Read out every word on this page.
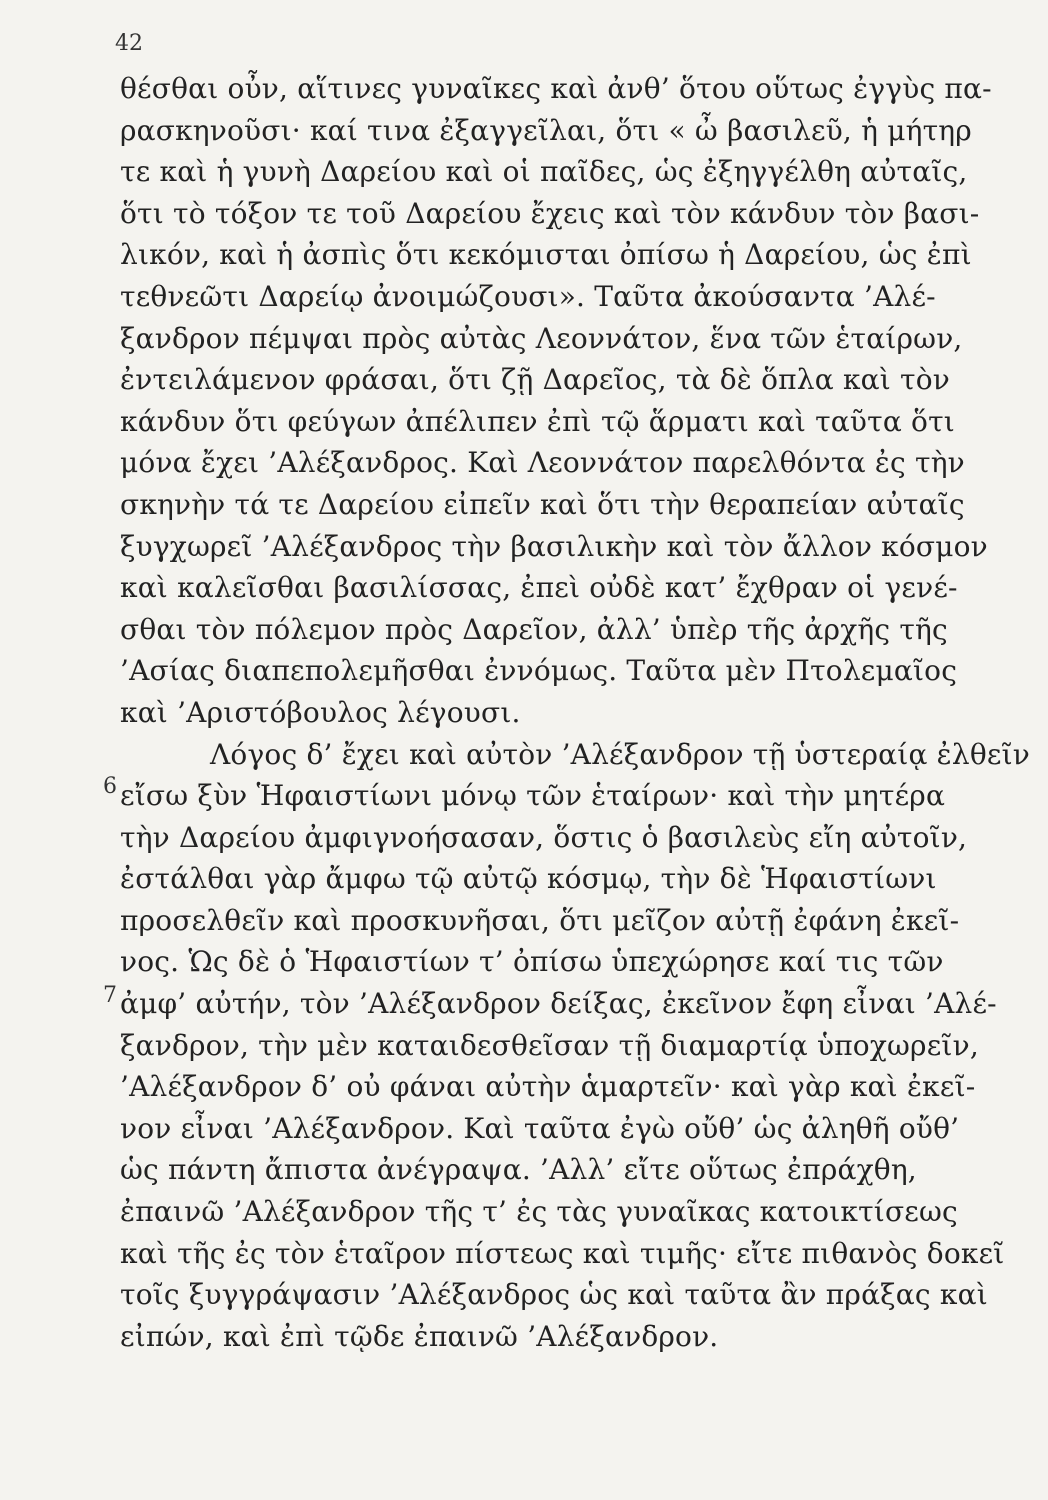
42
6
7
θέσθαι οὖν, αἵτινες γυναῖκες καὶ ἀνθ’ ὅτου οὕτως ἐγγὺς πα-
ρασκηνοῦσι· καί τινα ἐξαγγεῖλαι, ὅτι « ὦ βασιλεῦ, ἡ μήτηρ
τε καὶ ἡ γυνὴ Δαρείου καὶ οἱ παῖδες, ὡς ἐξηγγέλθη αὐταῖς,
ὅτι τὸ τόξον τε τοῦ Δαρείου ἔχεις καὶ τὸν κάνδυν τὸν βασι-
λικόν, καὶ ἡ ἀσπὶς ὅτι κεκόμισται ὀπίσω ἡ Δαρείου, ὡς ἐπὶ
τεθνεῶτι Δαρείῳ ἀνοιμώζουσι». Ταῦτα ἀκούσαντα ’Αλέ-
ξανδρον πέμψαι πρὸς αὐτὰς Λεοννάτον, ἕνα τῶν ἑταίρων,
ἐντειλάμενον φράσαι, ὅτι ζῇ Δαρεῖος, τὰ δὲ ὅπλα καὶ τὸν
κάνδυν ὅτι φεύγων ἀπέλιπεν ἐπὶ τῷ ἅρματι καὶ ταῦτα ὅτι
μόνα ἔχει ’Αλέξανδρος. Καὶ Λεοννάτον παρελθόντα ἐς τὴν
σκηνὴν τά τε Δαρείου εἰπεῖν καὶ ὅτι τὴν θεραπείαν αὐταῖς
ξυγχωρεῖ ’Αλέξανδρος τὴν βασιλικὴν καὶ τὸν ἄλλον κόσμον
καὶ καλεῖσθαι βασιλίσσας, ἐπεὶ οὐδὲ κατ’ ἔχθραν οἱ γενέ-
σθαι τὸν πόλεμον πρὸς Δαρεῖον, ἀλλ’ ὑπὲρ τῆς ἀρχῆς τῆς
’Ασίας διαπεπολεμῆσθαι ἐννόμως. Ταῦτα μὲν Πτολεμαῖος
καὶ ’Αριστόβουλος λέγουσι.
Λόγος δ’ ἔχει καὶ αὐτὸν ’Αλέξανδρον τῇ ὑστεραίᾳ ἐλθεῖν
εἴσω ξὺν Ἡφαιστίωνι μόνῳ τῶν ἑταίρων· καὶ τὴν μητέρα
τὴν Δαρείου ἀμφιγνοήσασαν, ὅστις ὁ βασιλεὺς εἴη αὐτοῖν,
ἐστάλθαι γὰρ ἄμφω τῷ αὐτῷ κόσμῳ, τὴν δὲ Ἡφαιστίωνι
προσελθεῖν καὶ προσκυνῆσαι, ὅτι μεῖζον αὐτῇ ἐφάνη ἐκεῖ-
νος. Ὡς δὲ ὁ Ἡφαιστίων τ’ ὀπίσω ὑπεχώρησε καί τις τῶν
ἀμφ’ αὐτήν, τὸν ’Αλέξανδρον δείξας, ἐκεῖνον ἔφη εἶναι ’Αλέ-
ξανδρον, τὴν μὲν καταιδεσθεῖσαν τῇ διαμαρτίᾳ ὑποχωρεῖν,
’Αλέξανδρον δ’ οὐ φάναι αὐτὴν ἁμαρτεῖν· καὶ γὰρ καὶ ἐκεῖ-
νον εἶναι ’Αλέξανδρον. Καὶ ταῦτα ἐγὼ οὔθ’ ὡς ἀληθῆ οὔθ’
ὡς πάντη ἄπιστα ἀνέγραψα. ’Αλλ’ εἴτε οὕτως ἐπράχθη,
ἐπαινῶ ’Αλέξανδρον τῆς τ’ ἐς τὰς γυναῖκας κατοικτίσεως
καὶ τῆς ἐς τὸν ἑταῖρον πίστεως καὶ τιμῆς· εἴτε πιθανὸς δοκεῖ
τοῖς ξυγγράψασιν ’Αλέξανδρος ὡς καὶ ταῦτα ἂν πράξας καὶ
εἰπών, καὶ ἐπὶ τῷδε ἐπαινῶ ’Αλέξανδρον.
